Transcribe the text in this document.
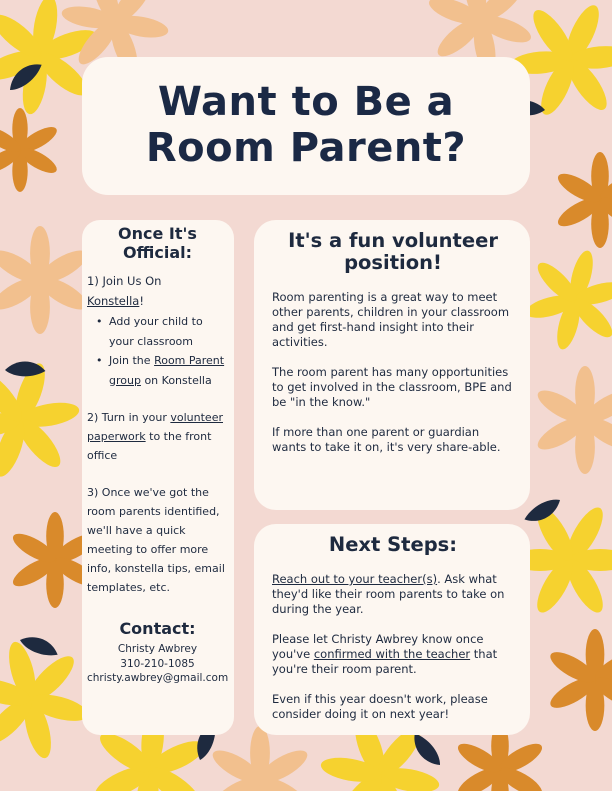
Want to Be a Room Parent?
Once It's Official:
1) Join Us On
Konstella!
• Add your child to your classroom
• Join the Room Parent group on Konstella
2) Turn in your volunteer paperwork to the front office
3) Once we've got the room parents identified, we'll have a quick meeting to offer more info, konstella tips, email templates, etc.
Contact:
Christy Awbrey
310-210-1085
christy.awbrey@gmail.com
It's a fun volunteer position!

Room parenting is a great way to meet other parents, children in your classroom and get first-hand insight into their activities.

The room parent has many opportunities to get involved in the classroom, BPE and be "in the know."

If more than one parent or guardian wants to take it on, it's very share-able.

Next Steps:

Reach out to your teacher(s). Ask what they'd like their room parents to take on during the year.

Please let Christy Awbrey know once you've confirmed with the teacher that you're their room parent.

Even if this year doesn't work, please consider doing it on next year!
